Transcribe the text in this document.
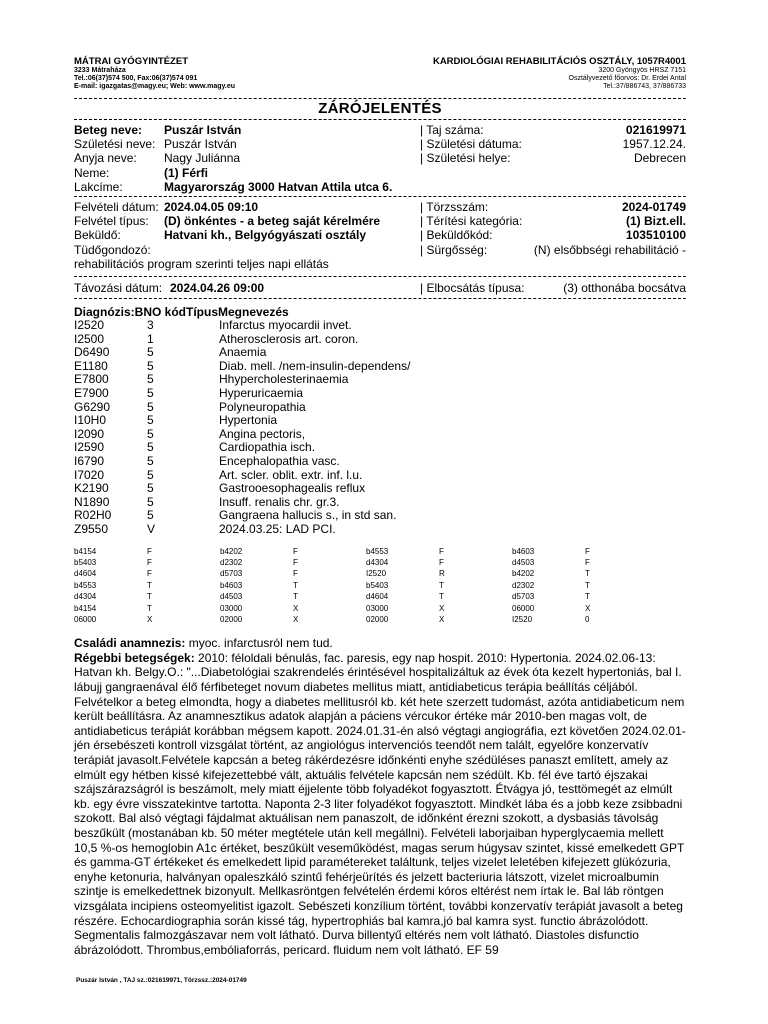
MÁTRAI GYÓGYINTÉZET
3233 Mátraháza
Tel.:06(37)574 500, Fax:06(37)574 091
E-mail: igazgatas@magy.eu; Web: www.magy.eu
KARDIOLÓGIAI REHABILITÁCIÓS OSZTÁLY, 1057R4001
3200 Gyöngyös HRSZ 7151
Osztályvezető főorvos: Dr. Erdei Antal
Tel.:37/886743, 37/886733
ZÁRÓJELENTÉS
Beteg neve:	Puszár István	| Taj száma:	021619971
Születési neve: Puszár István	| Születési dátuma:	1957.12.24.
Anyja neve:	Nagy Juliánna	| Születési helye:	Debrecen
Neme:	(1) Férfi
Lakcíme:	Magyarország 3000 Hatvan Attila utca 6.
Felvételi dátum: 2024.04.05 09:10	| Törzsszám:	2024-01749
Felvétel típus:	(D) önkéntes - a beteg saját kérelmére	| Térítési kategória:	(1) Bizt.ell.
Beküldő:	Hatvani kh., Belgyógyászati osztály	| Beküldőkód:	103510100
Tüdőgondozó:	| Sürgősség:	(N) elsőbbségi rehabilitáció -
rehabilitációs program szerinti teljes napi ellátás
Távozási dátum: 2024.04.26 09:00	| Elbocsátás típusa:	(3) otthonába bocsátva
Diagnózis:BNO kódTípusMegnevezés
I2520	3	Infarctus myocardii invet.
I2500	1	Atherosclerosis art. coron.
D6490	5	Anaemia
E1180	5	Diab. mell. /nem-insulin-dependens/
E7800	5	Hhypercholesterinaemia
E7900	5	Hyperuricaemia
G6290	5	Polyneuropathia
I10H0	5	Hypertonia
I2090	5	Angina pectoris,
I2590	5	Cardiopathia isch.
I6790	5	Encephalopathia vasc.
I7020	5	Art. scler. oblit. extr. inf. l.u.
K2190	5	Gastrooesophagealis reflux
N1890	5	Insuff. renalis chr. gr.3.
R02H0	5	Gangraena hallucis s., in std san.
Z9550	V	2024.03.25: LAD PCI.
b4154	F	b4202	F	b4553	F	b4603	F
b5403	F	d2302	F	d4304	F	d4503	F
d4604	F	d5703	F	I2520	R	b4202	T
b4553	T	b4603	T	b5403	T	d2302	T
d4304	T	d4503	T	d4604	T	d5703	T
b4154	T	03000	X	03000	X	06000	X
06000	X	02000	X	02000	X	I2520	0

Családi anamnezis: myoc. infarctusról nem tud.

Régebbi betegségek: 2010: féloldali bénulás, fac. paresis, egy nap hospit. 2010: Hypertonia. 2024.02.06-13: Hatvan kh. Belgy.O.: "...Diabetológiai szakrendelés érintésével hospitalizáltuk az évek óta kezelt hypertoniás, bal I. lábujj gangraenával élő férfibeteget novum diabetes mellitus miatt, antidiabeticus terápia beállítás céljából. Felvételkor a beteg elmondta, hogy a diabetes mellitusról kb. két hete szerzett tudomást, azóta antidiabeticum nem került beállításra. Az anamnesztikus adatok alapján a páciens vércukor értéke már 2010-ben magas volt, de antidiabeticus terápiát korábban mégsem kapott. 2024.01.31-én alsó végtagi angiográfia, ezt követően 2024.02.01-jén érsebészeti kontroll vizsgálat történt, az angiológus intervenciós teendőt nem talált, egyelőre konzervatív terápiát javasolt.Felvétele kapcsán a beteg rákérdezésre időnkénti enyhe szédüléses panaszt említett, amely az elmúlt egy hétben kissé kifejezettebbé vált, aktuális felvétele kapcsán nem szédült. Kb. fél éve tartó éjszakai szájszárazságról is beszámolt, mely miatt éjjelente több folyadékot fogyasztott. Étvágya jó, testtömegét az elmúlt kb. egy évre visszatekintve tartotta. Naponta 2-3 liter folyadékot fogyasztott. Mindkét lába és a jobb keze zsibbadni szokott. Bal alsó végtagi fájdalmat aktuálisan nem panaszolt, de időnként érezni szokott, a dysbasiás távolság beszűkült (mostanában kb. 50 méter megtétele után kell megállni). Felvételi laborjaiban hyperglycaemia mellett 10,5 %-os hemoglobin A1c értéket, beszűkült veseműködést, magas serum húgysav szintet, kissé emelkedett GPT és gamma-GT értékeket és emelkedett lipid paramétereket találtunk, teljes vizelet leletében kifejezett glükózuria, enyhe ketonuria, halványan opaleszkáló szintű fehérjeürítés és jelzett bacteriuria látszott, vizelet microalbumin szintje is emelkedettnek bizonyult. Mellkasröntgen felvételén érdemi kóros eltérést nem írtak le. Bal láb röntgen vizsgálata incipiens osteomyelitist igazolt. Sebészeti konzílium történt, további konzervatív terápiát javasolt a beteg részére. Echocardiographia során kissé tág, hypertrophiás bal kamra,jó bal kamra syst. functio ábrázolódott. Segmentalis falmozgászavar nem volt látható. Durva billentyű eltérés nem volt látható. Diastoles disfunctio ábrázolódott. Thrombus,embóliaforrás, pericard. fluidum nem volt látható. EF 59

Puszár István , TAJ sz.:021619971, Törzssz.:2024-01749
